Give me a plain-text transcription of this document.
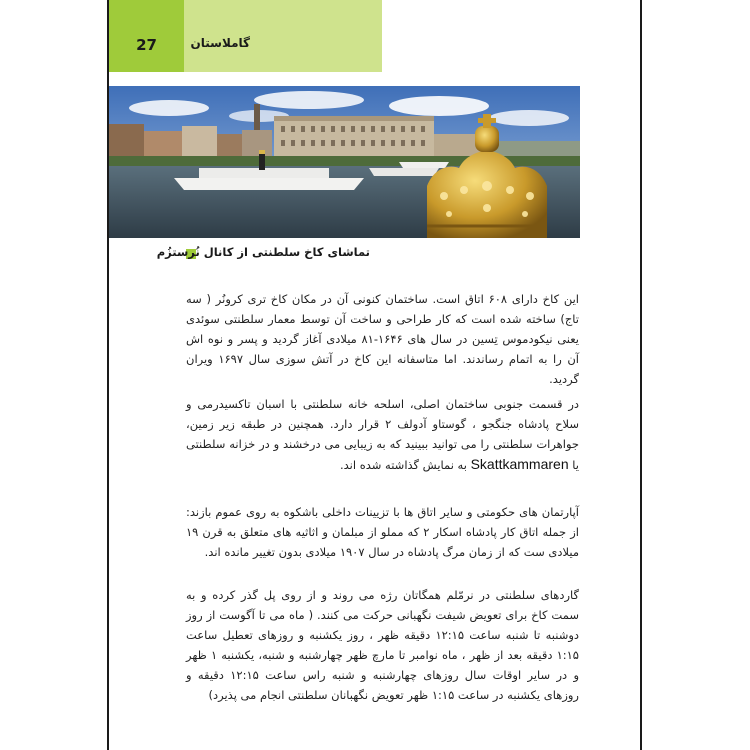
27	گاملاستان
تماشای کاخ سلطنتی از کانال نُرستزُم
این کاخ دارای ۶۰۸ اتاق است. ساختمان کنونی آن در مکان کاخ تری کرونُر ( سه تاج) ساخته شده است که کار طراحی و ساخت آن توسط معمار سلطنتی سوئدی یعنی نیکودموس تِسین در سال های ۱۶۴۶-۸۱ میلادی آغاز گردید و پسر و نوه اش آن را به اتمام رساندند. اما متاسفانه این کاخ در آتش سوزی سال ۱۶۹۷ ویران گردید.
در قسمت جنوبی ساختمان اصلی، اسلحه خانه سلطنتی با اسبان تاکسیدرمی و سلاح پادشاه جنگجو ، گوستاو آدولف ۲ قرار دارد. همچنین در طبقه زیر زمین، جواهرات سلطنتی را می توانید ببینید که به زیبایی می درخشند و در خزانه سلطنتی یا Skattkammaren به نمایش گذاشته شده اند.
آپارتمان های حکومتی و سایر اتاق ها با تزیینات داخلی باشکوه به روی عموم بازند: از جمله اتاق کار پادشاه اسکار ۲ که مملو از مبلمان و اثاثیه های متعلق به قرن ۱۹ میلادی ست که از زمان مرگ پادشاه در سال ۱۹۰۷ میلادی بدون تغییر مانده اند.
گاردهای سلطنتی در نرمّلم همگاتان رژه می روند و از روی پل گذر کرده و به سمت کاخ برای تعویض شیفت نگهبانی حرکت می کنند. ( ماه می تا آگوست از روز دوشنبه تا شنبه ساعت ۱۲:۱۵ دقیقه ظهر ، روز یکشنبه و روزهای تعطیل ساعت ۱:۱۵ دقیقه بعد از ظهر ، ماه نوامبر تا مارچ ظهر چهارشنبه و شنبه، یکشنبه ۱ ظهر و در سایر اوقات سال روزهای چهارشنبه و شنبه راس ساعت ۱۲:۱۵ دقیقه و روزهای یکشنبه در ساعت ۱:۱۵ ظهر تعویض نگهبانان سلطنتی انجام می پذیرد)
